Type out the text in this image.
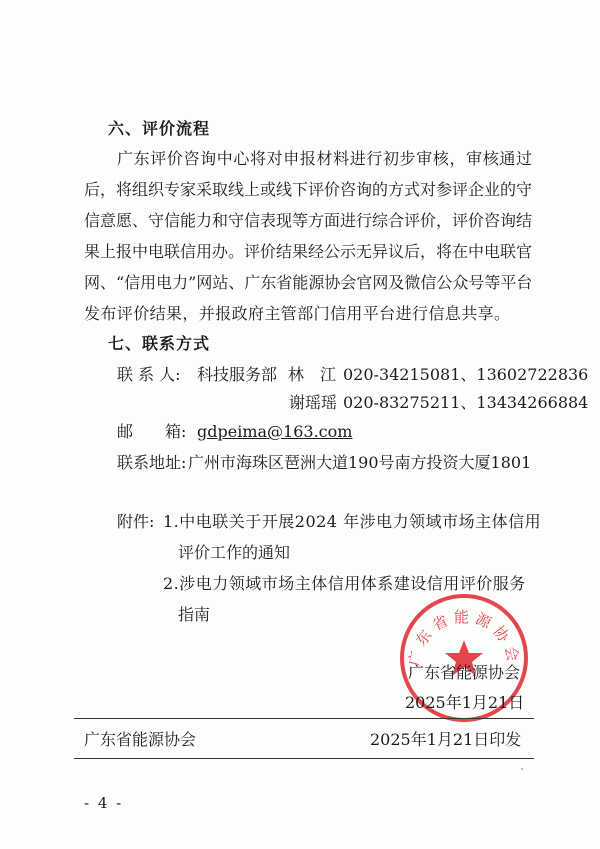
六、评价流程
广东评价咨询中心将对申报材料进行初步审核，审核通过
后，将组织专家采取线上或线下评价咨询的方式对参评企业的守
信意愿、守信能力和守信表现等方面进行综合评价，评价咨询结
果上报中电联信用办。评价结果经公示无异议后，将在中电联官
网、“信用电力”网站、广东省能源协会官网及微信公众号等平台
发布评价结果，并报政府主管部门信用平台进行信息共享。
七、联系方式
联 系 人: 科技服务部 林　江 020-34215081、13602722836
谢瑶瑶 020-83275211、13434266884
邮　　箱: gdpeima@163.com
联系地址: 广州市海珠区琶洲大道190号南方投资大厦1801
附件: 1.中电联关于开展2024 年涉电力领域市场主体信用
评价工作的通知
2.涉电力领域市场主体信用体系建设信用评价服务
指南
广东省能源协会
广东省能源协会
2025年1月21日
广东省能源协会	2025年1月21日印发
- 4 -
